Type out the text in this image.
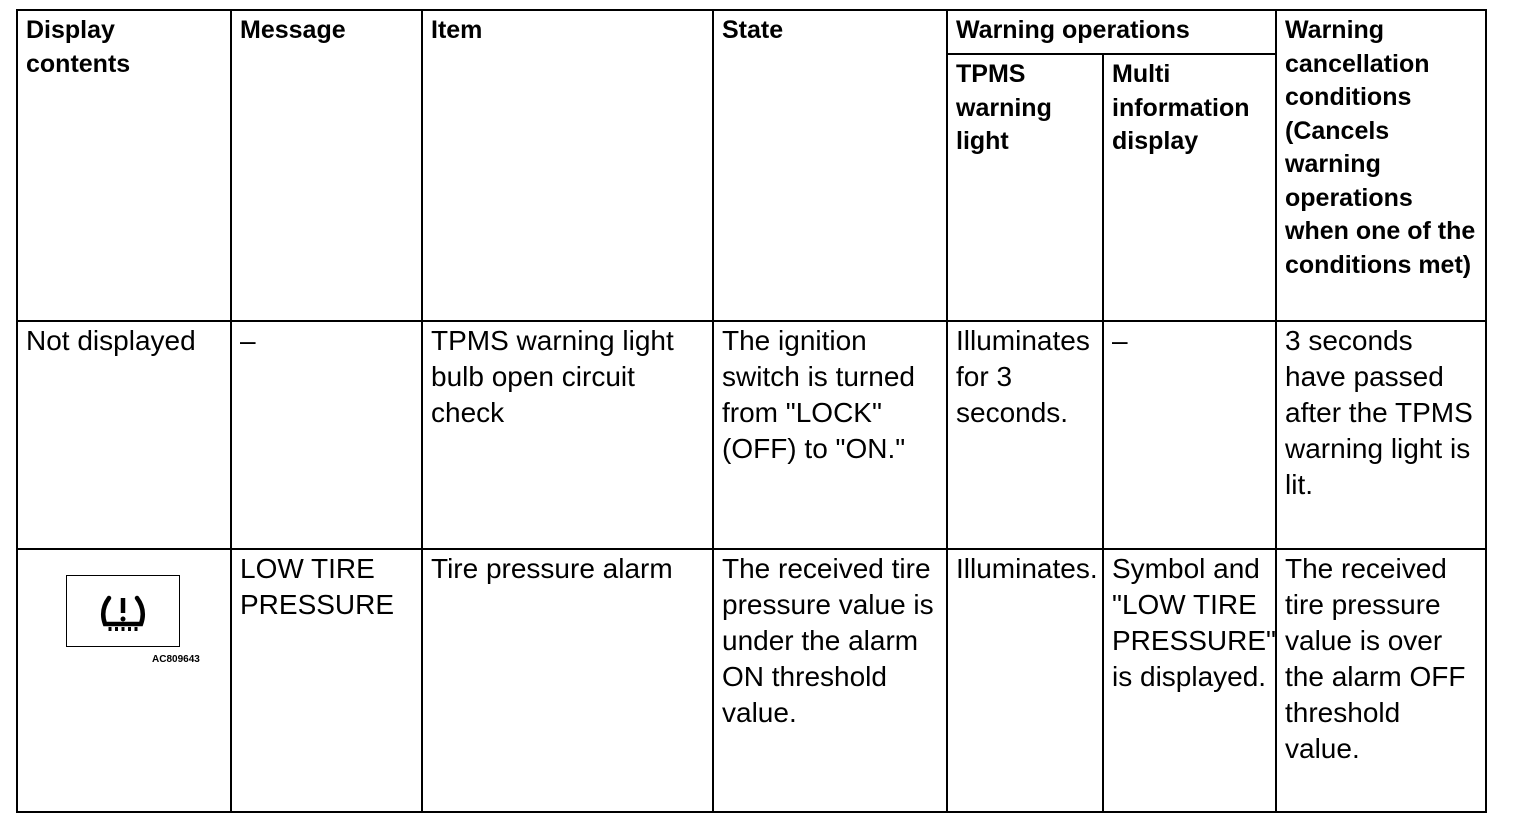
Display contents	Message	Item	State	Warning operations		Warning cancellation conditions (Cancels warning operations when one of the conditions met)
				TPMS warning light	Multi information display	
Not displayed	–	TPMS warning light bulb open circuit check	The ignition switch is turned from "LOCK" (OFF) to "ON."	Illuminates for 3 seconds.	–	3 seconds have passed after the TPMS warning light is lit.

AC809643	LOW TIRE PRESSURE	Tire pressure alarm	The received tire pressure value is under the alarm ON threshold value.	Illuminates.	Symbol and "LOW TIRE PRESSURE" is displayed.	The received tire pressure value is over the alarm OFF threshold value.
